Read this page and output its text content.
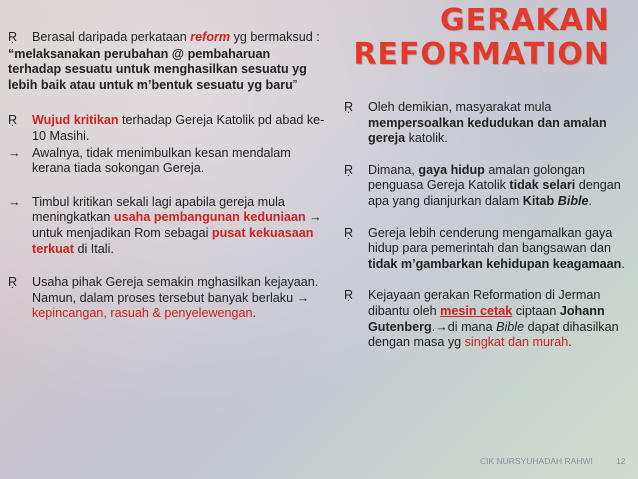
GERAKAN
REFORMATION
Ṛ	Berasal daripada perkataan reform yg bermaksud :
“melaksanakan perubahan @ pembaharuan terhadap sesuatu untuk menghasilkan sesuatu yg lebih baik atau untuk m’bentuk sesuatu yg baru”
Ṛ	Wujud kritikan terhadap Gereja Katolik pd abad ke-10 Masihi.
→ Awalnya, tidak menimbulkan kesan mendalam kerana tiada sokongan Gereja.
→ Timbul kritikan sekali lagi apabila gereja mula meningkatkan usaha pembangunan keduniaan → untuk menjadikan Rom sebagai pusat kekuasaan terkuat di Itali.
Ṛ	Usaha pihak Gereja semakin mghasilkan kejayaan. Namun, dalam proses tersebut banyak berlaku → kepincangan, rasuah & penyelewengan.
Ṛ	Oleh demikian, masyarakat mula mempersoalkan kedudukan dan amalan gereja katolik.
Ṛ	Dimana, gaya hidup amalan golongan penguasa Gereja Katolik tidak selari dengan apa yang dianjurkan dalam Kitab Bible.
Ṛ	Gereja lebih cenderung mengamalkan gaya hidup para pemerintah dan bangsawan dan tidak m’gambarkan kehidupan keagamaan.
Ṛ	Kejayaan gerakan Reformation di Jerman dibantu oleh mesin cetak ciptaan Johann Gutenberg.→di mana Bible dapat dihasilkan dengan masa yg singkat dan murah.
CIK NURSYUHADAH RAHWI	12
